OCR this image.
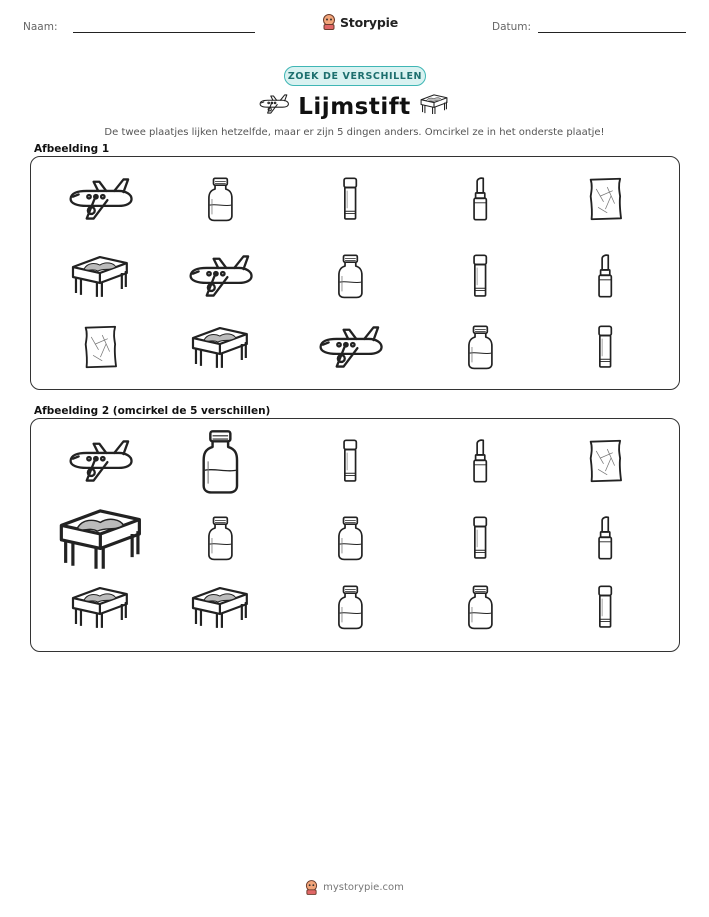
Naam:	Storypie	Datum:
ZOEK DE VERSCHILLEN
Lijmstift
De twee plaatjes lijken hetzelfde, maar er zijn 5 dingen anders. Omcirkel ze in het onderste plaatje!
Afbeelding 1
Afbeelding 2 (omcirkel de 5 verschillen)
mystorypie.com
